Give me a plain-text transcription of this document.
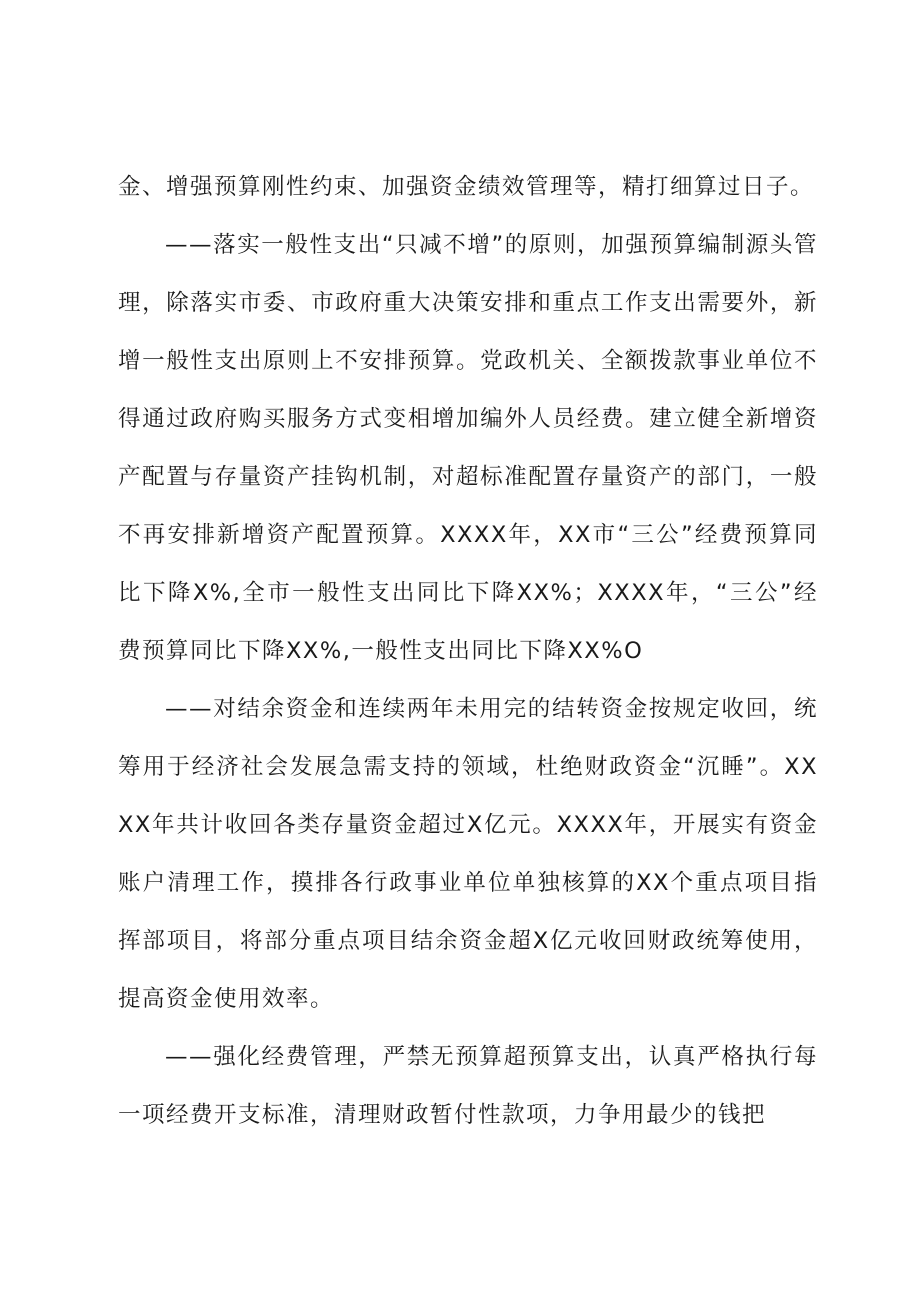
金、增强预算刚性约束、加强资金绩效管理等，精打细算过日子。

——落实一般性支出“只减不增”的原则，加强预算编制源头管理，除落实市委、市政府重大决策安排和重点工作支出需要外，新增一般性支出原则上不安排预算。党政机关、全额拨款事业单位不得通过政府购买服务方式变相增加编外人员经费。建立健全新增资产配置与存量资产挂钩机制，对超标准配置存量资产的部门，一般不再安排新增资产配置预算。XXXX年，XX市“三公”经费预算同比下降X%,全市一般性支出同比下降XX%；XXXX年，“三公”经费预算同比下降XX%,一般性支出同比下降XX%O

——对结余资金和连续两年未用完的结转资金按规定收回，统筹用于经济社会发展急需支持的领域，杜绝财政资金“沉睡”。XXXX年共计收回各类存量资金超过X亿元。XXXX年，开展实有资金账户清理工作，摸排各行政事业单位单独核算的XX个重点项目指挥部项目，将部分重点项目结余资金超X亿元收回财政统筹使用，提高资金使用效率。

——强化经费管理，严禁无预算超预算支出，认真严格执行每一项经费开支标准，清理财政暂付性款项，力争用最少的钱把
